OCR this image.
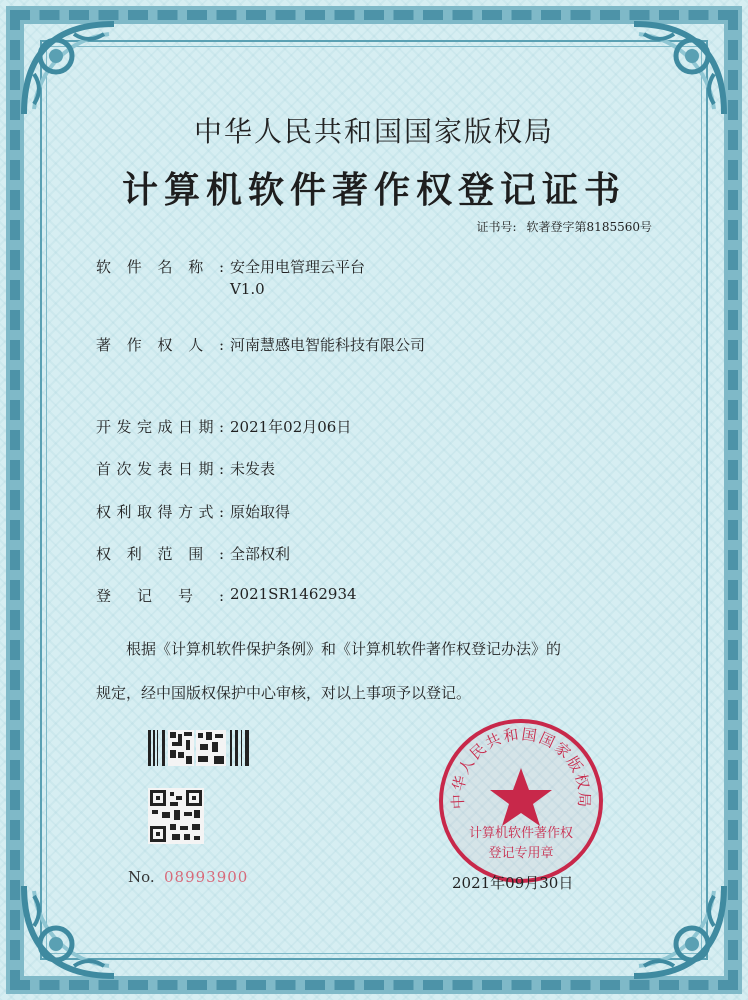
中华人民共和国国家版权局
计算机软件著作权登记证书
证书号: 软著登字第8185560号
软件名称: 安全用电管理云平台
V1.0
著作权人: 河南慧感电智能科技有限公司
开发完成日期: 2021年02月06日
首次发表日期: 未发表
权利取得方式: 原始取得
权利范围: 全部权利
登记号: 2021SR1462934
根据《计算机软件保护条例》和《计算机软件著作权登记办法》的
规定，经中国版权保护中心审核，对以上事项予以登记。
No. 08993900
中华人民共和国国家版权局
计算机软件著作权
登记专用章
2021年09月30日
